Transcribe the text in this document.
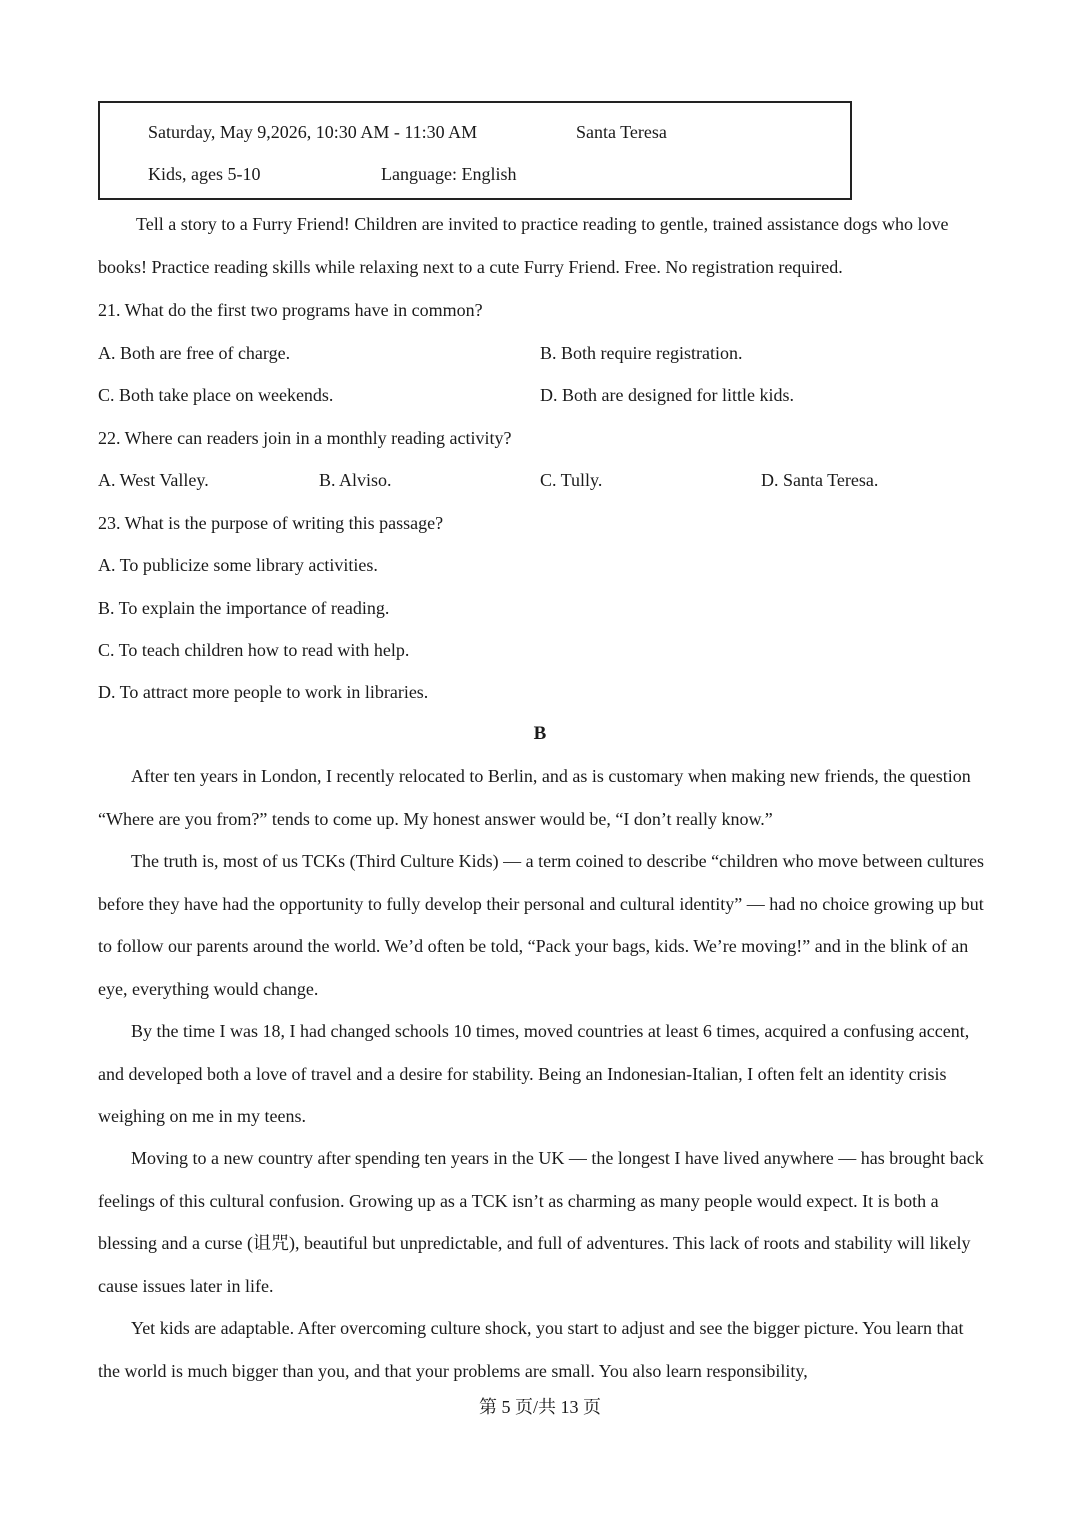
Saturday, May 9,2026, 10:30 AM - 11:30 AM	Santa Teresa
Kids, ages 5-10	Language: English

Tell a story to a Furry Friend! Children are invited to practice reading to gentle, trained assistance dogs who love books! Practice reading skills while relaxing next to a cute Furry Friend. Free. No registration required.

21. What do the first two programs have in common?
A. Both are free of charge.	B. Both require registration.
C. Both take place on weekends.	D. Both are designed for little kids.
22. Where can readers join in a monthly reading activity?
A. West Valley.	B. Alviso.	C. Tully.	D. Santa Teresa.
23. What is the purpose of writing this passage?
A. To publicize some library activities.
B. To explain the importance of reading.
C. To teach children how to read with help.
D. To attract more people to work in libraries.
B

After ten years in London, I recently relocated to Berlin, and as is customary when making new friends, the question “Where are you from?” tends to come up. My honest answer would be, “I don’t really know.”

The truth is, most of us TCKs (Third Culture Kids) — a term coined to describe “children who move between cultures before they have had the opportunity to fully develop their personal and cultural identity” — had no choice growing up but to follow our parents around the world. We’d often be told, “Pack your bags, kids. We’re moving!” and in the blink of an eye, everything would change.

By the time I was 18, I had changed schools 10 times, moved countries at least 6 times, acquired a confusing accent, and developed both a love of travel and a desire for stability. Being an Indonesian-Italian, I often felt an identity crisis weighing on me in my teens.

Moving to a new country after spending ten years in the UK — the longest I have lived anywhere — has brought back feelings of this cultural confusion. Growing up as a TCK isn’t as charming as many people would expect. It is both a blessing and a curse (诅咒), beautiful but unpredictable, and full of adventures. This lack of roots and stability will likely cause issues later in life.

Yet kids are adaptable. After overcoming culture shock, you start to adjust and see the bigger picture. You learn that the world is much bigger than you, and that your problems are small. You also learn responsibility,

第 5 页/共 13 页
